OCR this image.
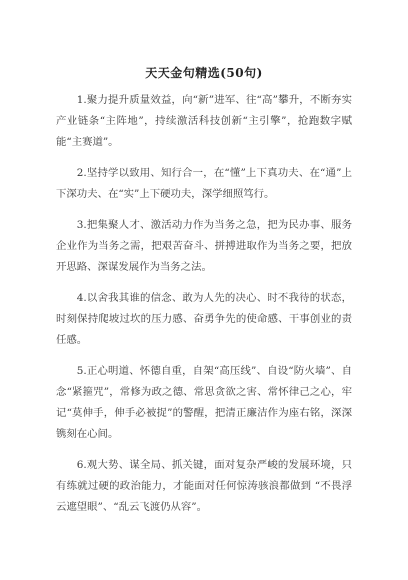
天天金句精选(50句)

1.聚力提升质量效益，向“新”进军、往“高”攀升，不断夯实产业链条“主阵地”，持续激活科技创新“主引擎”，抢跑数字赋能“主赛道”。

2.坚持学以致用、知行合一，在“懂”上下真功夫、在“通”上下深功夫、在“实”上下硬功夫，深学细照笃行。

3.把集聚人才、激活动力作为当务之急，把为民办事、服务企业作为当务之需，把艰苦奋斗、拼搏进取作为当务之要，把放开思路、深谋发展作为当务之法。

4.以舍我其谁的信念、敢为人先的决心、时不我待的状态，时刻保持爬坡过坎的压力感、奋勇争先的使命感、干事创业的责任感。

5.正心明道、怀德自重，自架“高压线”、自设“防火墙”、自念“紧箍咒”，常修为政之德、常思贪欲之害、常怀律己之心，牢记“莫伸手，伸手必被捉”的警醒，把清正廉洁作为座右铭，深深镌刻在心间。

6.观大势、谋全局、抓关键，面对复杂严峻的发展环境，只有练就过硬的政治能力，才能面对任何惊涛骇浪都做到 “不畏浮云遮望眼”、“乱云飞渡仍从容”。
